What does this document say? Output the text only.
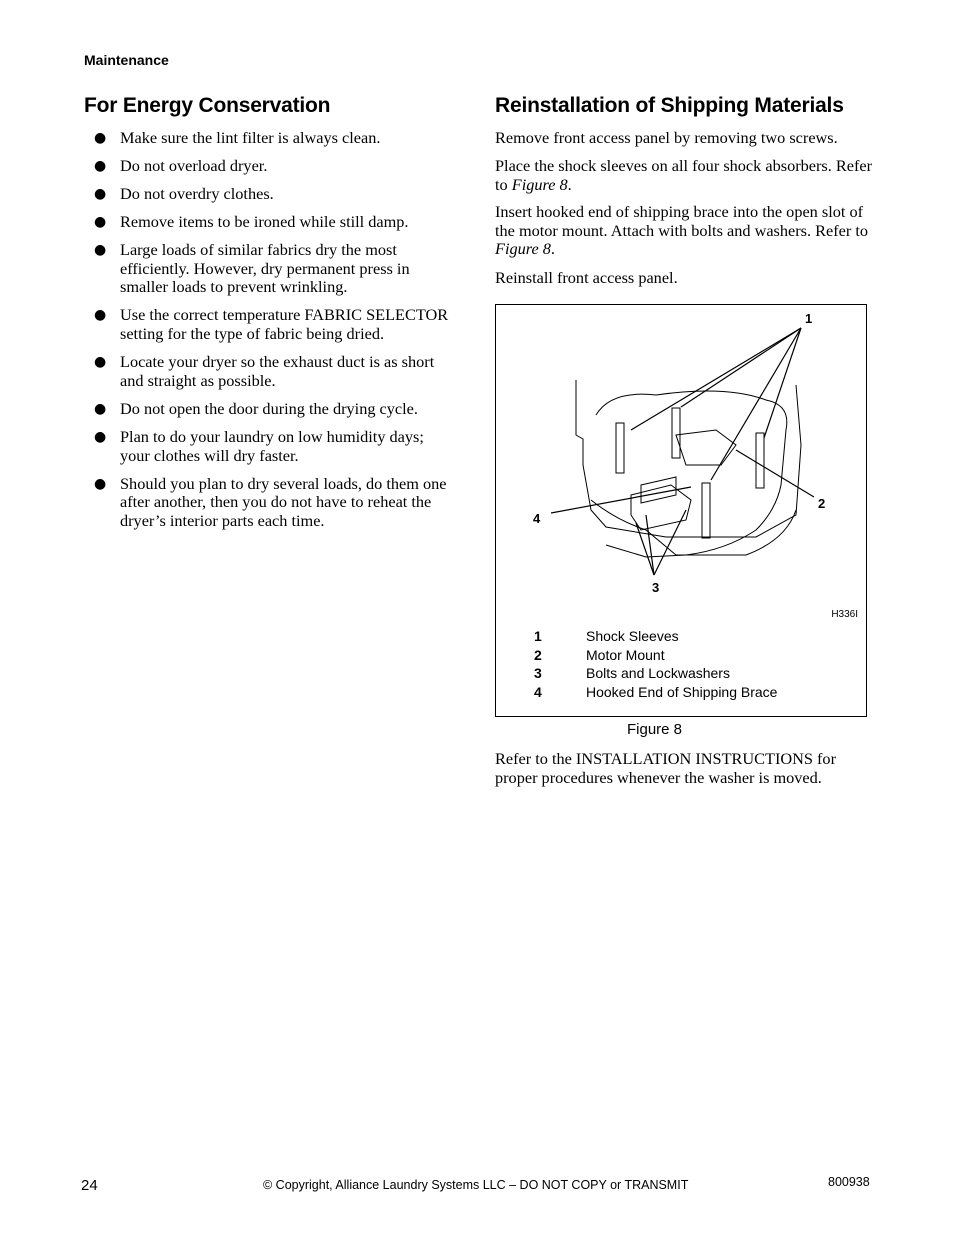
Maintenance
For Energy Conservation
● Make sure the lint filter is always clean.
● Do not overload dryer.
● Do not overdry clothes.
● Remove items to be ironed while still damp.
● Large loads of similar fabrics dry the most efficiently. However, dry permanent press in smaller loads to prevent wrinkling.
● Use the correct temperature FABRIC SELECTOR setting for the type of fabric being dried.
● Locate your dryer so the exhaust duct is as short and straight as possible.
● Do not open the door during the drying cycle.
● Plan to do your laundry on low humidity days; your clothes will dry faster.
● Should you plan to dry several loads, do them one after another, then you do not have to reheat the dryer’s interior parts each time.
Reinstallation of Shipping Materials

Remove front access panel by removing two screws.

Place the shock sleeves on all four shock absorbers. Refer to Figure 8.

Insert hooked end of shipping brace into the open slot of the motor mount. Attach with bolts and washers. Refer to Figure 8.

Reinstall front access panel.

1
2
3
4
H336I
1	Shock Sleeves
2	Motor Mount
3	Bolts and Lockwashers
4	Hooked End of Shipping Brace
Figure 8

Refer to the INSTALLATION INSTRUCTIONS for proper procedures whenever the washer is moved.

24	© Copyright, Alliance Laundry Systems LLC – DO NOT COPY or TRANSMIT	800938
